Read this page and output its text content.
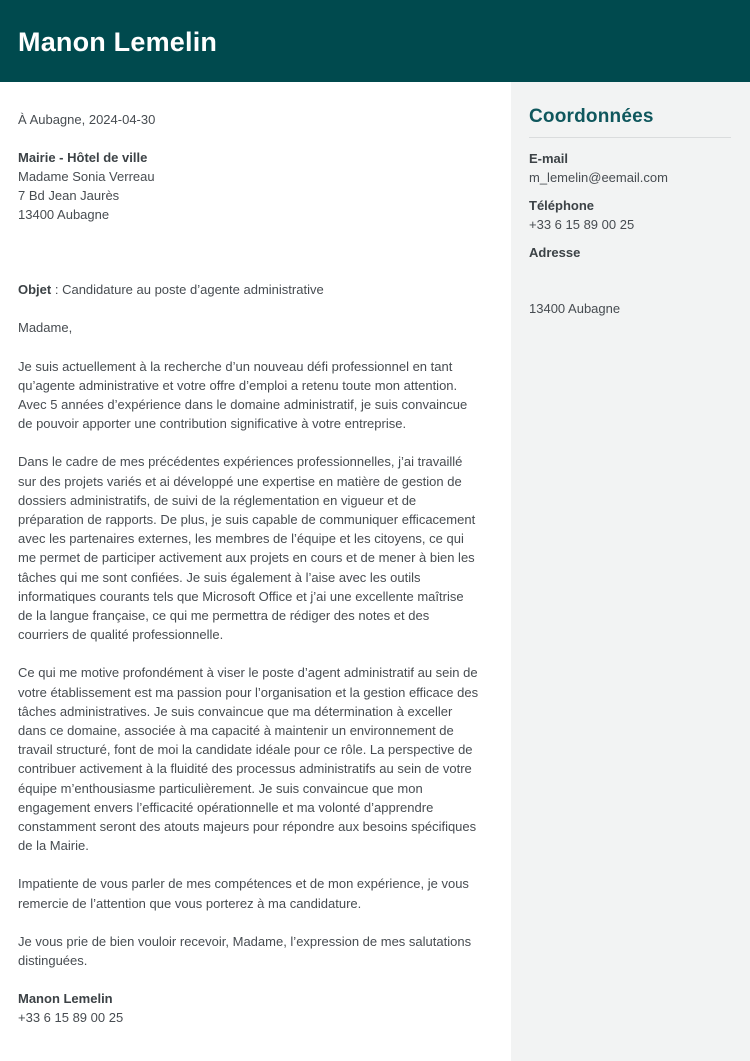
Manon Lemelin

À Aubagne, 2024-04-30

Mairie - Hôtel de ville
Madame Sonia Verreau
7 Bd Jean Jaurès
13400 Aubagne

Objet : Candidature au poste d’agente administrative

Madame,

Je suis actuellement à la recherche d’un nouveau défi professionnel en tant qu’agente administrative et votre offre d’emploi a retenu toute mon attention. Avec 5 années d’expérience dans le domaine administratif, je suis convaincue de pouvoir apporter une contribution significative à votre entreprise.

Dans le cadre de mes précédentes expériences professionnelles, j’ai travaillé sur des projets variés et ai développé une expertise en matière de gestion de dossiers administratifs, de suivi de la réglementation en vigueur et de préparation de rapports. De plus, je suis capable de communiquer efficacement avec les partenaires externes, les membres de l’équipe et les citoyens, ce qui me permet de participer activement aux projets en cours et de mener à bien les tâches qui me sont confiées. Je suis également à l’aise avec les outils informatiques courants tels que Microsoft Office et j’ai une excellente maîtrise de la langue française, ce qui me permettra de rédiger des notes et des courriers de qualité professionnelle.

Ce qui me motive profondément à viser le poste d’agent administratif au sein de votre établissement est ma passion pour l’organisation et la gestion efficace des tâches administratives. Je suis convaincue que ma détermination à exceller dans ce domaine, associée à ma capacité à maintenir un environnement de travail structuré, font de moi la candidate idéale pour ce rôle. La perspective de contribuer activement à la fluidité des processus administratifs au sein de votre équipe m’enthousiasme particulièrement. Je suis convaincue que mon engagement envers l’efficacité opérationnelle et ma volonté d’apprendre constamment seront des atouts majeurs pour répondre aux besoins spécifiques de la Mairie.

Impatiente de vous parler de mes compétences et de mon expérience, je vous remercie de l’attention que vous porterez à ma candidature.

Je vous prie de bien vouloir recevoir, Madame, l’expression de mes salutations distinguées.

Manon Lemelin
+33 6 15 89 00 25
Coordonnées
E-mail
m_lemelin@eemail.com
Téléphone
+33 6 15 89 00 25
Adresse
13400 Aubagne
